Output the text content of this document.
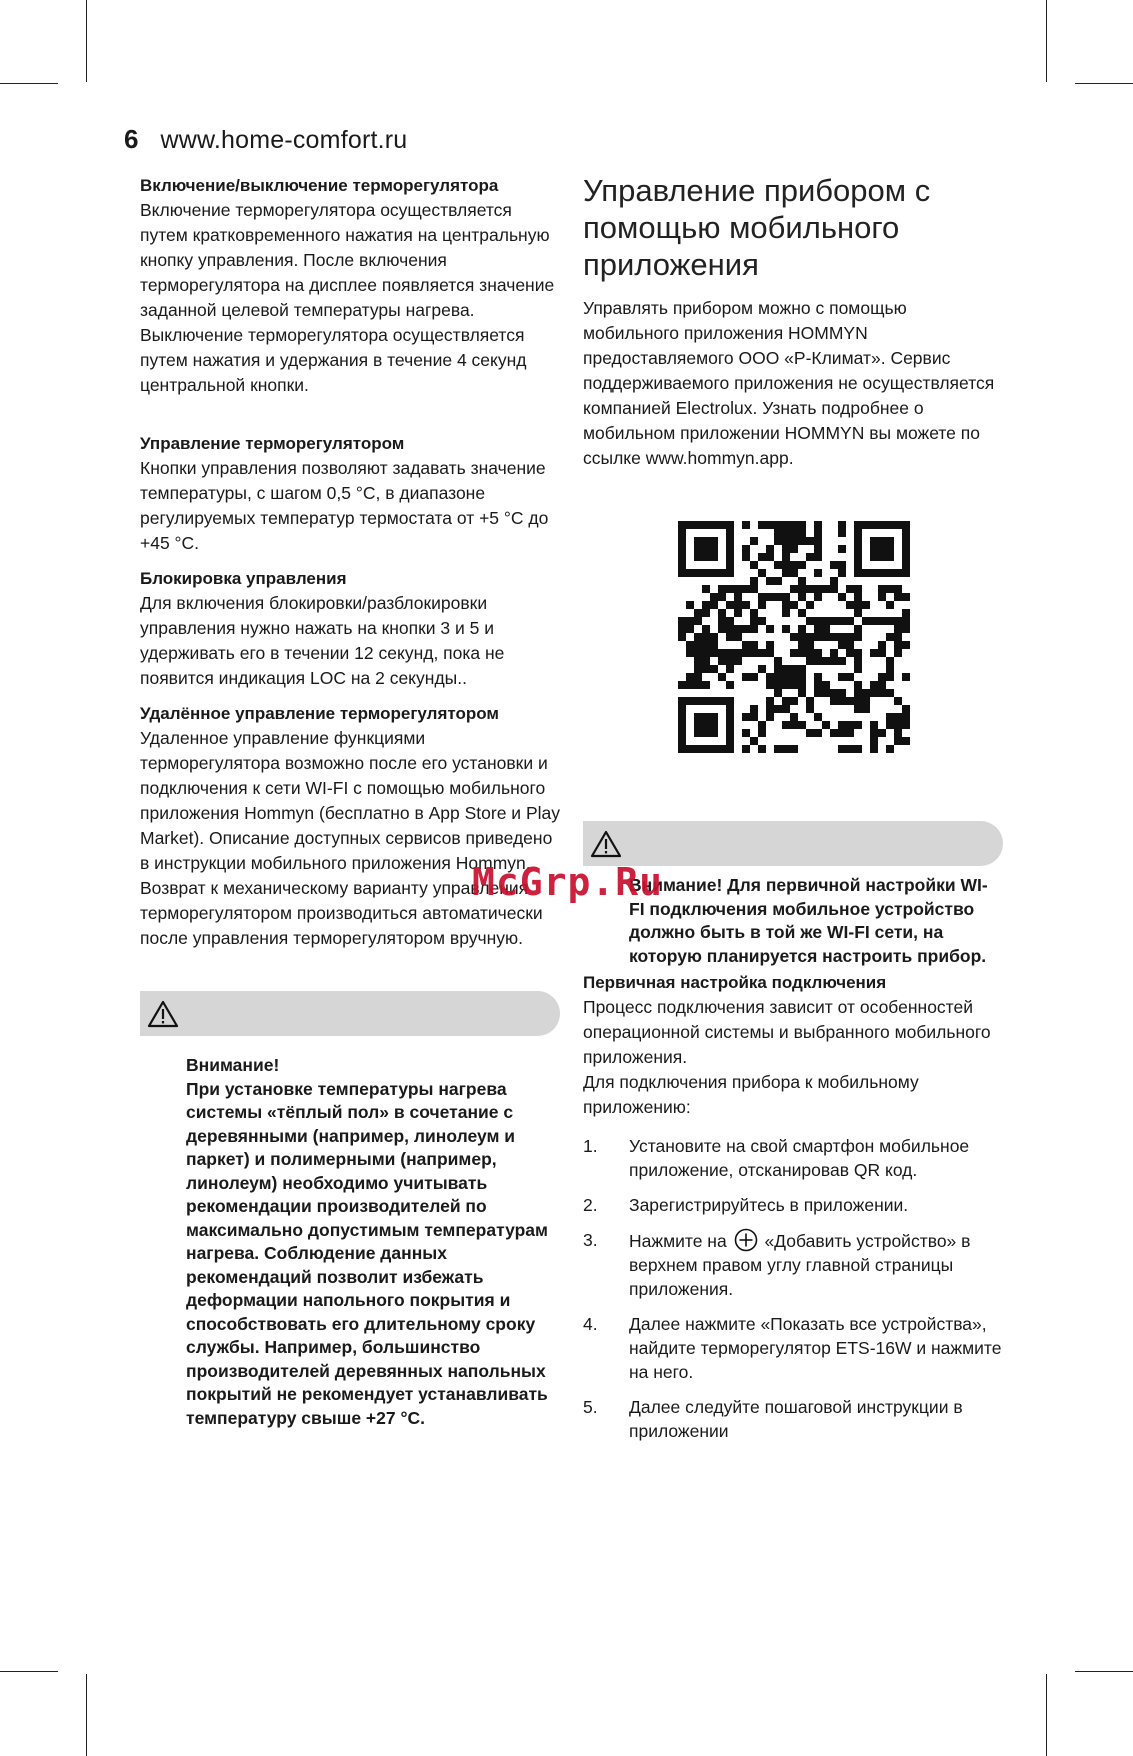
6 www.home-comfort.ru
Включение/выключение терморегулятора
Включение терморегулятора осуществляется путем кратковременного нажатия на центральную кнопку управления. После включения терморегулятора на дисплее появляется значение заданной целевой температуры нагрева. Выключение терморегулятора осуществляется путем нажатия и удержания в течение 4 секунд центральной кнопки.
Управление терморегулятором
Кнопки управления позволяют задавать значение температуры, с шагом 0,5 °C, в диапазоне регулируемых температур термостата от +5 °C до +45 °C.
Блокировка управления
Для включения блокировки/разблокировки управления нужно нажать на кнопки 3 и 5 и удерживать его в течении 12 секунд, пока не появится индикация LOC на 2 секунды..
Удалённое управление терморегулятором
Удаленное управление функциями терморегулятора возможно после его установки и подключения к сети WI-FI с помощью мобильного приложения Hommyn (бесплатно в App Store и Play Market). Описание доступных сервисов приведено в инструкции мобильного приложения Hommyn. Возврат к механическому варианту управления терморегулятором производиться автоматически после управления терморегулятором вручную.
Внимание!
При установке температуры нагрева системы «тёплый пол» в сочетание с деревянными (например, линолеум и паркет) и полимерными (например, линолеум) необходимо учитывать рекомендации производителей по максимально допустимым температурам нагрева. Соблюдение данных рекомендаций позволит избежать деформации напольного покрытия и способствовать его длительному сроку службы. Например, большинство производителей деревянных напольных покрытий не рекомендует устанавливать температуру свыше +27 °C.
Управление прибором с помощью мобильного приложения
Управлять прибором можно с помощью мобильного приложения HOMMYN предоставляемого ООО «Р-Климат». Сервис поддерживаемого приложения не осуществляется компанией Electrolux. Узнать подробнее о мобильном приложении HOMMYN вы можете по ссылке www.hommyn.app.
Внимание! Для первичной настройки WI-FI подключения мобильное устройство должно быть в той же WI-FI сети, на которую планируется настроить прибор.
Первичная настройка подключения
Процесс подключения зависит от особенностей операционной системы и выбранного мобильного приложения.
Для подключения прибора к мобильному приложению:
1.	Установите на свой смартфон мобильное приложение, отсканировав QR код.
2.	Зарегистрируйтесь в приложении.
3.	Нажмите на «Добавить устройство» в верхнем правом углу главной страницы приложения.
4.	Далее нажмите «Показать все устройства», найдите терморегулятор ETS-16W и нажмите на него.
5.	Далее следуйте пошаговой инструкции в приложении
McGrp.Ru
